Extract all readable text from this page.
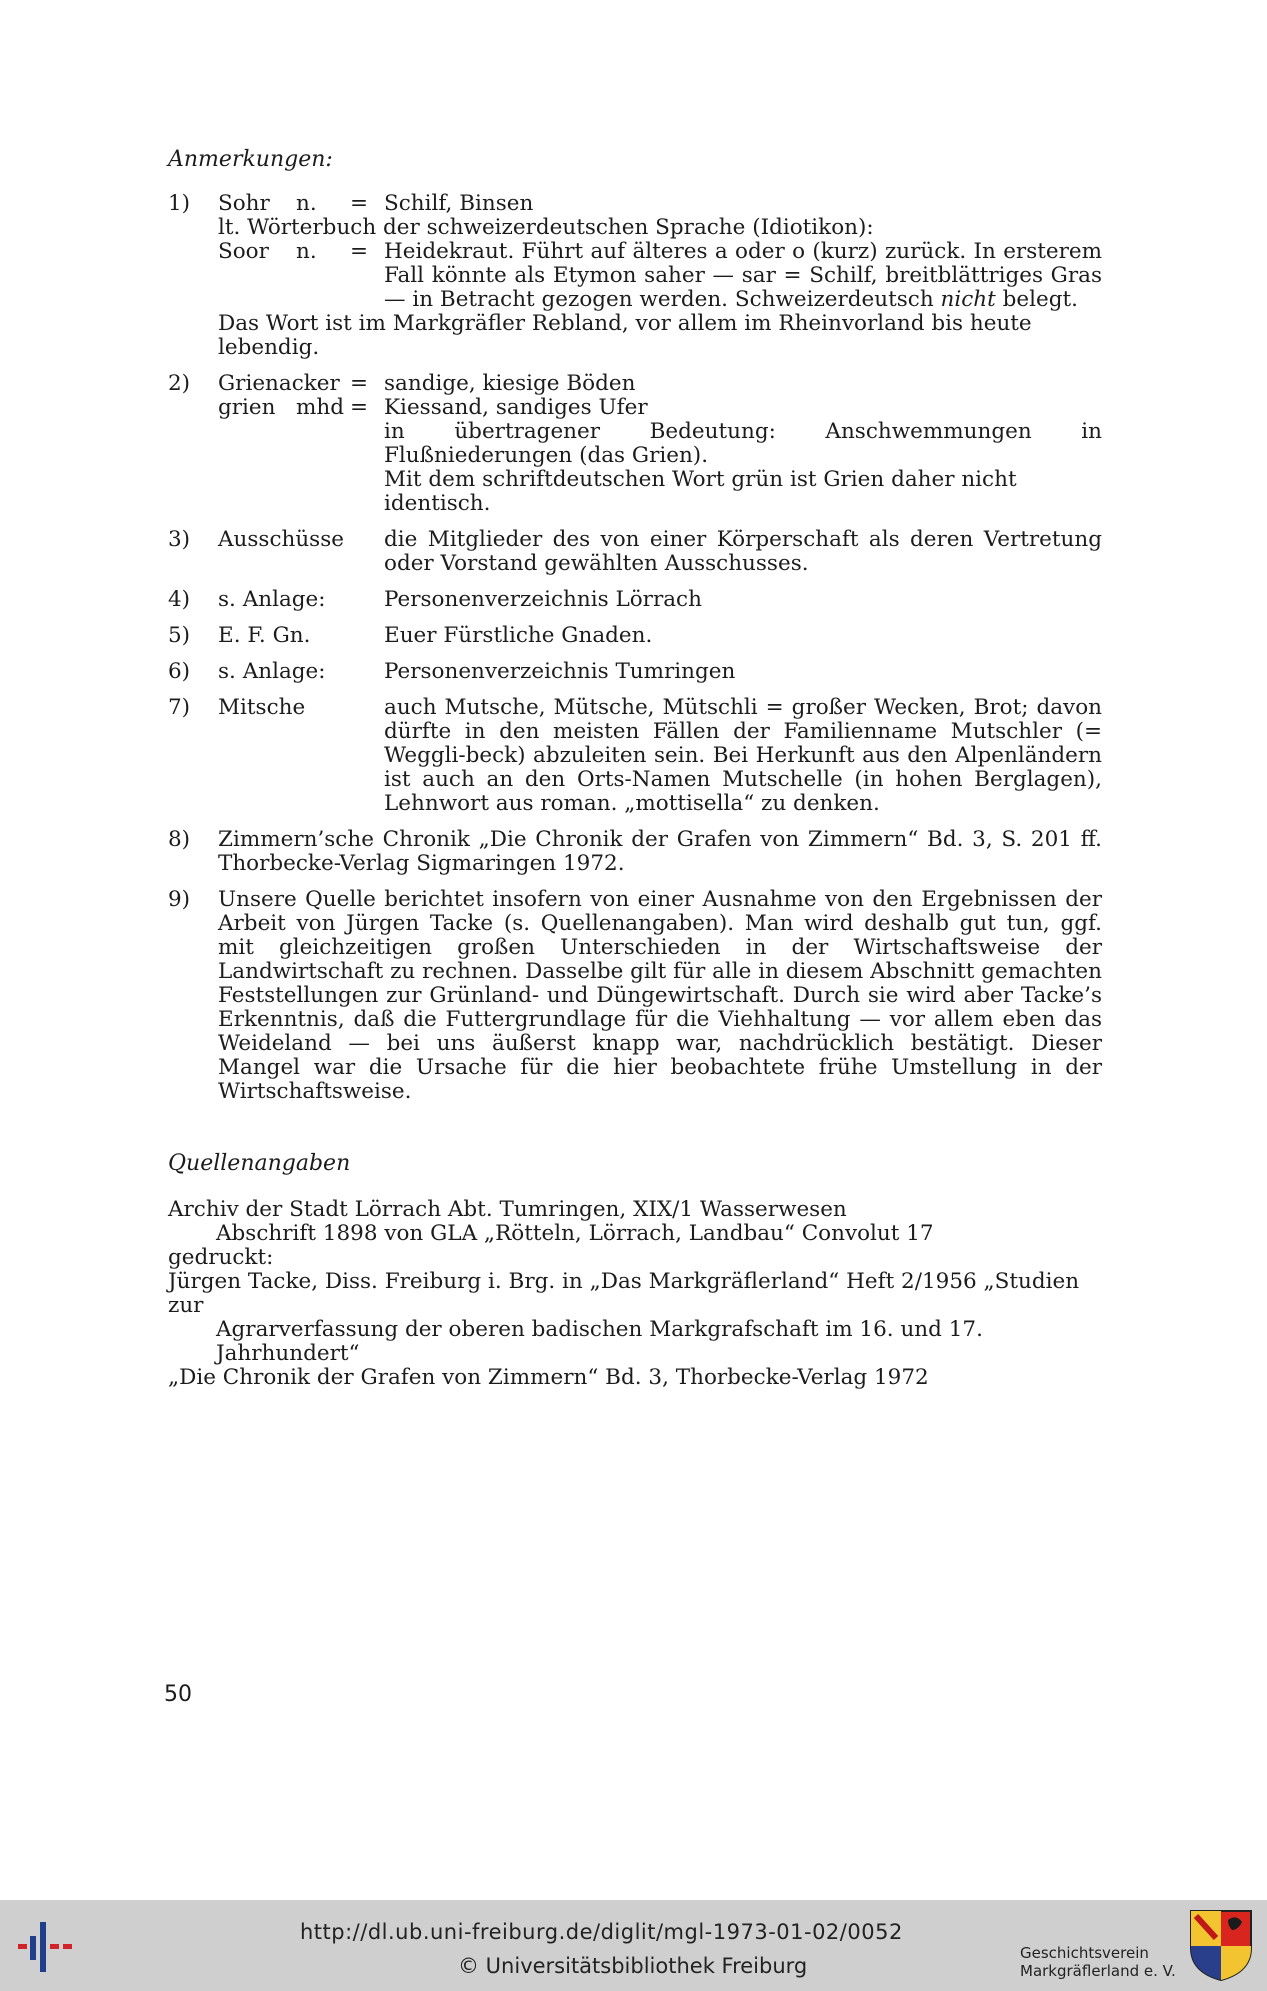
Anmerkungen:

1)	Sohr	n.	= Schilf, Binsen
lt. Wörterbuch der schweizerdeutschen Sprache (Idiotikon):
Soor	n.	= Heidekraut. Führt auf älteres a oder o (kurz) zurück. In ersterem Fall könnte als Etymon saher — sar = Schilf, breitblättriges Gras — in Betracht gezogen werden. Schweizerdeutsch nicht belegt.
Das Wort ist im Markgräfler Rebland, vor allem im Rheinvorland bis heute lebendig.
2)	Grienacker = sandige, kiesige Böden
grien mhd = Kiessand, sandiges Ufer
in übertragener Bedeutung: Anschwemmungen in Flußniederungen (das Grien).
Mit dem schriftdeutschen Wort grün ist Grien daher nicht identisch.
3)	Ausschüsse	die Mitglieder des von einer Körperschaft als deren Vertretung oder Vorstand gewählten Ausschusses.
4)	s. Anlage:	Personenverzeichnis Lörrach
5)	E. F. Gn.	Euer Fürstliche Gnaden.
6)	s. Anlage:	Personenverzeichnis Tumringen
7)	Mitsche	auch Mutsche, Mütsche, Mütschli = großer Wecken, Brot; davon dürfte in den meisten Fällen der Familienname Mutschler (= Weggli-beck) abzuleiten sein. Bei Herkunft aus den Alpenländern ist auch an den Orts-Namen Mutschelle (in hohen Berglagen), Lehnwort aus roman. „mottisella“ zu denken.
8)	Zimmern’sche Chronik „Die Chronik der Grafen von Zimmern“ Bd. 3, S. 201 ff. Thorbecke-Verlag Sigmaringen 1972.
9)	Unsere Quelle berichtet insofern von einer Ausnahme von den Ergebnissen der Arbeit von Jürgen Tacke (s. Quellenangaben). Man wird deshalb gut tun, ggf. mit gleichzeitigen großen Unterschieden in der Wirtschaftsweise der Landwirtschaft zu rechnen. Dasselbe gilt für alle in diesem Abschnitt gemachten Feststellungen zur Grünland- und Düngewirtschaft. Durch sie wird aber Tacke’s Erkenntnis, daß die Futtergrundlage für die Viehhaltung — vor allem eben das Weideland — bei uns äußerst knapp war, nachdrücklich bestätigt. Dieser Mangel war die Ursache für die hier beobachtete frühe Umstellung in der Wirtschaftsweise.

Quellenangaben

Archiv der Stadt Lörrach Abt. Tumringen, XIX/1 Wasserwesen
Abschrift 1898 von GLA „Rötteln, Lörrach, Landbau“ Convolut 17
gedruckt:
Jürgen Tacke, Diss. Freiburg i. Brg. in „Das Markgräflerland“ Heft 2/1956 „Studien zur
Agrarverfassung der oberen badischen Markgrafschaft im 16. und 17. Jahrhundert“
„Die Chronik der Grafen von Zimmern“ Bd. 3, Thorbecke-Verlag 1972
50
http://dl.ub.uni-freiburg.de/diglit/mgl-1973-01-02/0052
© Universitätsbibliothek Freiburg
Geschichtsverein
Markgräflerland e. V.
